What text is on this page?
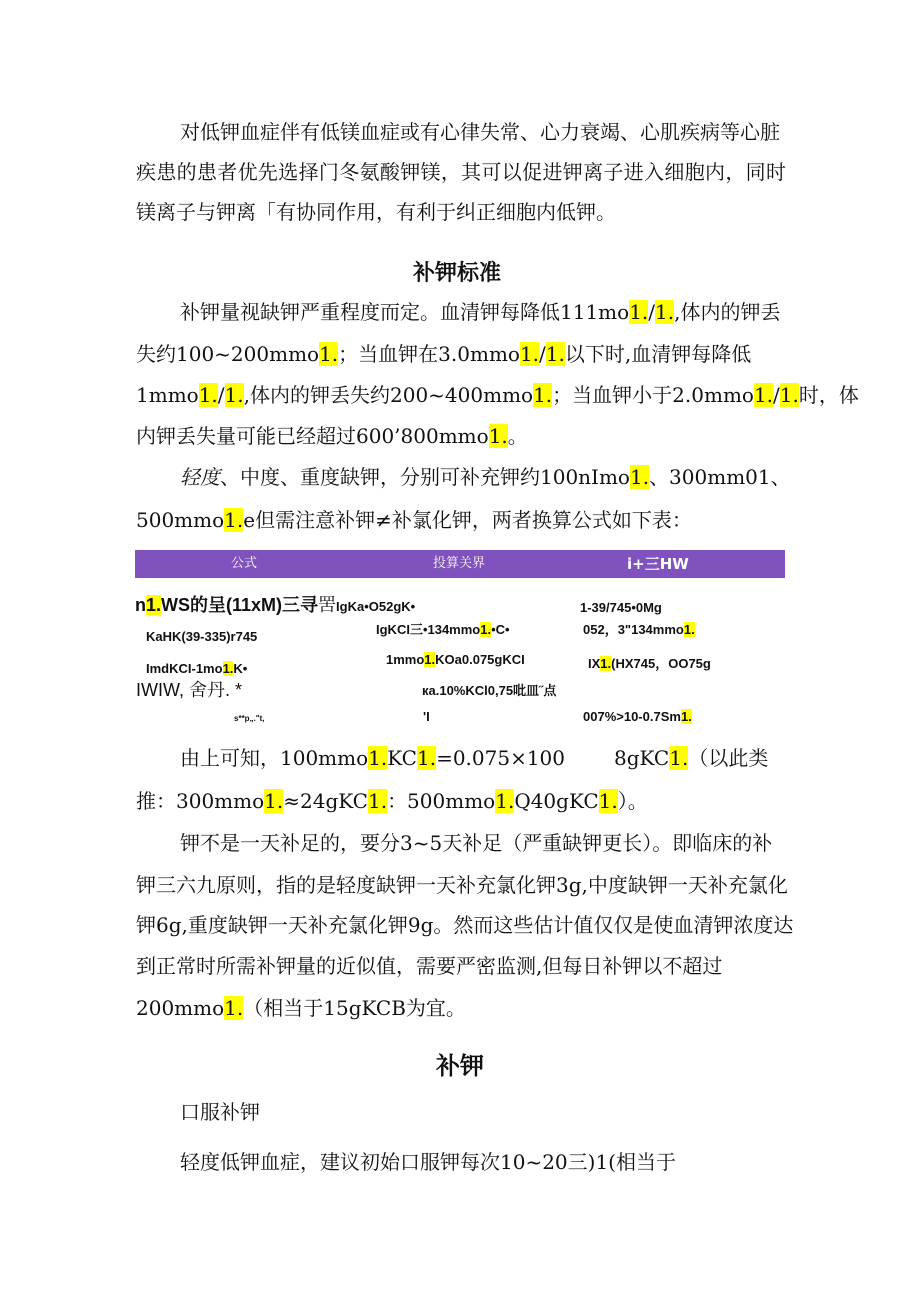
对低钾血症伴有低镁血症或有心律失常、心力衰竭、心肌疾病等心脏
疾患的患者优先选择门冬氨酸钾镁，其可以促进钾离子进入细胞内，同时
镁离子与钾离「有协同作用，有利于纠正细胞内低钾。
补钾标准
补钾量视缺钾严重程度而定。血清钾每降低111mo1./1.,体内的钾丢
失约100~200mmo1.；当血钾在3.0mmo1./1.以下时,血清钾每降低
1mmo1./1.,体内的钾丢失约200~400mmo1.；当血钾小于2.0mmo1./1.时，体
内钾丢失量可能已经超过600’800mmo1.。
轻度、中度、重度缺钾，分别可补充钾约100nImo1.、300mm01、
500mmo1.e但需注意补钾≠补氯化钾，两者换算公式如下表：
公式	投算关界	i+三HW
n1.WS的呈(11xM)三寻罟IgKa•O52gK•
KaHK(39-335)r745
ImdKCI-1mo1.K•
IWIW, 舍丹. *
s**p„."t,
IgKCI三•134mmo1.•C•
1mmo1.KOa0.075gKCI
кa.10%KCl0,75吡皿˝点
'I
1-39/745•0Mg
052，3"134mmo1.
IX1.(HX745，OO75g
007%>10-0.7Sm1.
由上可知，100mmo1.KC1.=0.075×100 8gKC1.（以此类
推：300mmo1.≈24gKC1.：500mmo1.Q40gKC1.）。
钾不是一天补足的，要分3~5天补足（严重缺钾更长）。即临床的补
钾三六九原则，指的是轻度缺钾一天补充氯化钾3g,中度缺钾一天补充氯化
钾6g,重度缺钾一天补充氯化钾9g。然而这些估计值仅仅是使血清钾浓度达
到正常时所需补钾量的近似值，需要严密监测,但每日补钾以不超过
200mmo1.（相当于15gKCB为宜。
补钾
口服补钾
轻度低钾血症，建议初始口服钾每次10~20三)1(相当于
